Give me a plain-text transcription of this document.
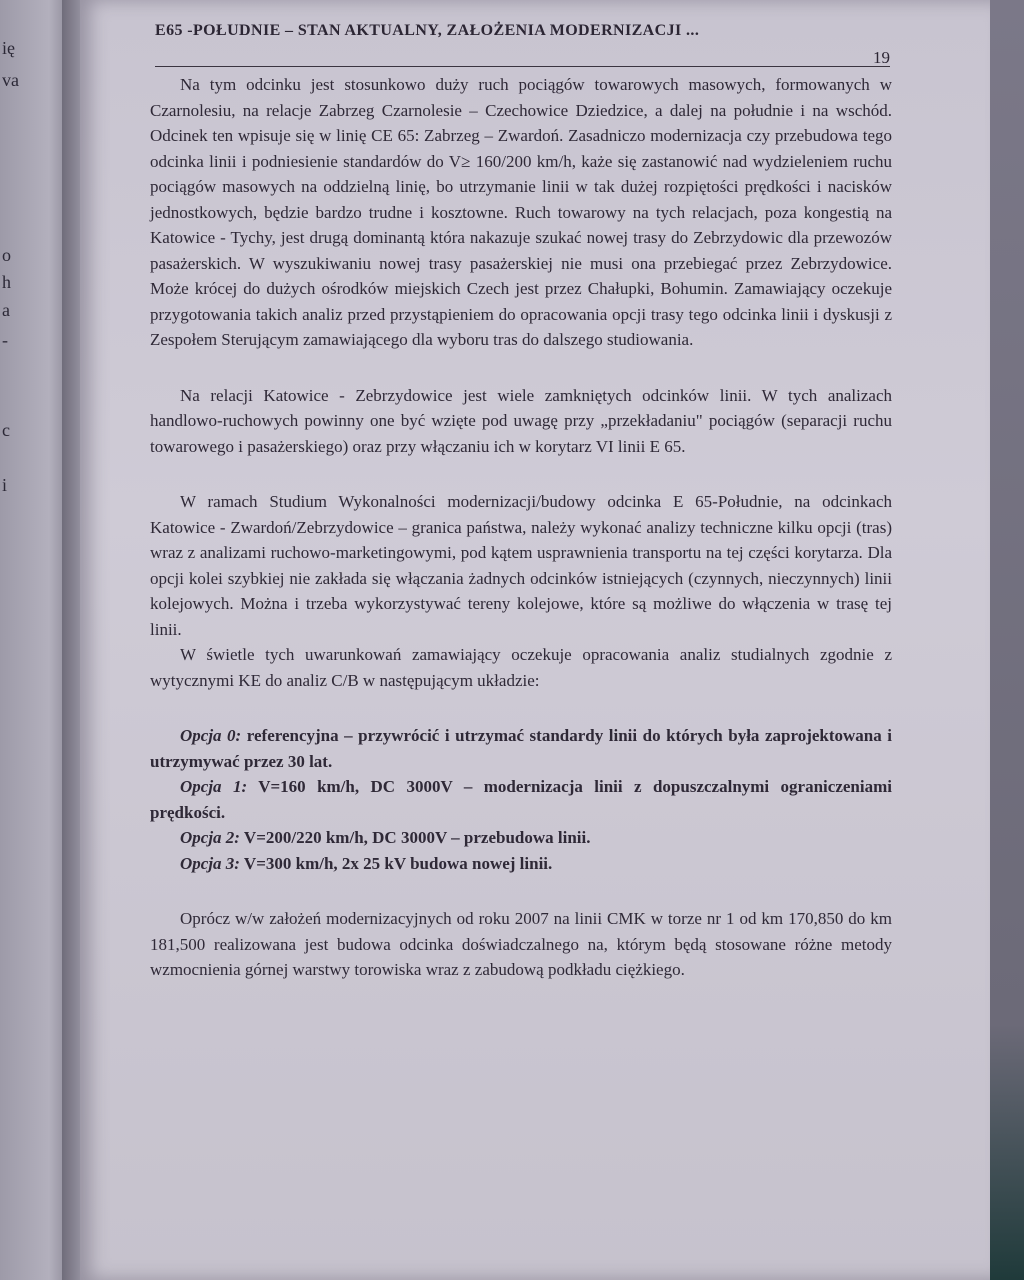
ię
va
o
h
a
-
c
i
E65 -POŁUDNIE – STAN AKTUALNY, ZAŁOŻENIA MODERNIZACJI ...
19

Na tym odcinku jest stosunkowo duży ruch pociągów towarowych masowych, formowanych w Czarnolesiu, na relacje Zabrzeg Czarnolesie – Czechowice Dziedzice, a dalej na południe i na wschód. Odcinek ten wpisuje się w linię CE 65: Zabrzeg – Zwardoń. Zasadniczo modernizacja czy przebudowa tego odcinka linii i podniesienie standardów do V≥ 160/200 km/h, każe się zastanowić nad wydzieleniem ruchu pociągów masowych na oddzielną linię, bo utrzymanie linii w tak dużej rozpiętości prędkości i nacisków jednostkowych, będzie bardzo trudne i kosztowne. Ruch towarowy na tych relacjach, poza kongestią na Katowice - Tychy, jest drugą dominantą która nakazuje szukać nowej trasy do Zebrzydowic dla przewozów pasażerskich. W wyszukiwaniu nowej trasy pasażerskiej nie musi ona przebiegać przez Zebrzydowice. Może krócej do dużych ośrodków miejskich Czech jest przez Chałupki, Bohumin. Zamawiający oczekuje przygotowania takich analiz przed przystąpieniem do opracowania opcji trasy tego odcinka linii i dyskusji z Zespołem Sterującym zamawiającego dla wyboru tras do dalszego studiowania.

Na relacji Katowice - Zebrzydowice jest wiele zamkniętych odcinków linii. W tych analizach handlowo-ruchowych powinny one być wzięte pod uwagę przy „przekładaniu" pociągów (separacji ruchu towarowego i pasażerskiego) oraz przy włączaniu ich w korytarz VI linii E 65.

W ramach Studium Wykonalności modernizacji/budowy odcinka E 65-Południe, na odcinkach Katowice - Zwardoń/Zebrzydowice – granica państwa, należy wykonać analizy techniczne kilku opcji (tras) wraz z analizami ruchowo-marketingowymi, pod kątem usprawnienia transportu na tej części korytarza. Dla opcji kolei szybkiej nie zakłada się włączania żadnych odcinków istniejących (czynnych, nieczynnych) linii kolejowych. Można i trzeba wykorzystywać tereny kolejowe, które są możliwe do włączenia w trasę tej linii.

W świetle tych uwarunkowań zamawiający oczekuje opracowania analiz studialnych zgodnie z wytycznymi KE do analiz C/B w następującym układzie:

Opcja 0: referencyjna – przywrócić i utrzymać standardy linii do których była zaprojektowana i utrzymywać przez 30 lat.

Opcja 1: V=160 km/h, DC 3000V – modernizacja linii z dopuszczalnymi ograniczeniami prędkości.

Opcja 2: V=200/220 km/h, DC 3000V – przebudowa linii.

Opcja 3: V=300 km/h, 2x 25 kV budowa nowej linii.

Oprócz w/w założeń modernizacyjnych od roku 2007 na linii CMK w torze nr 1 od km 170,850 do km 181,500 realizowana jest budowa odcinka doświadczalnego na, którym będą stosowane różne metody wzmocnienia górnej warstwy torowiska wraz z zabudową podkładu ciężkiego.
